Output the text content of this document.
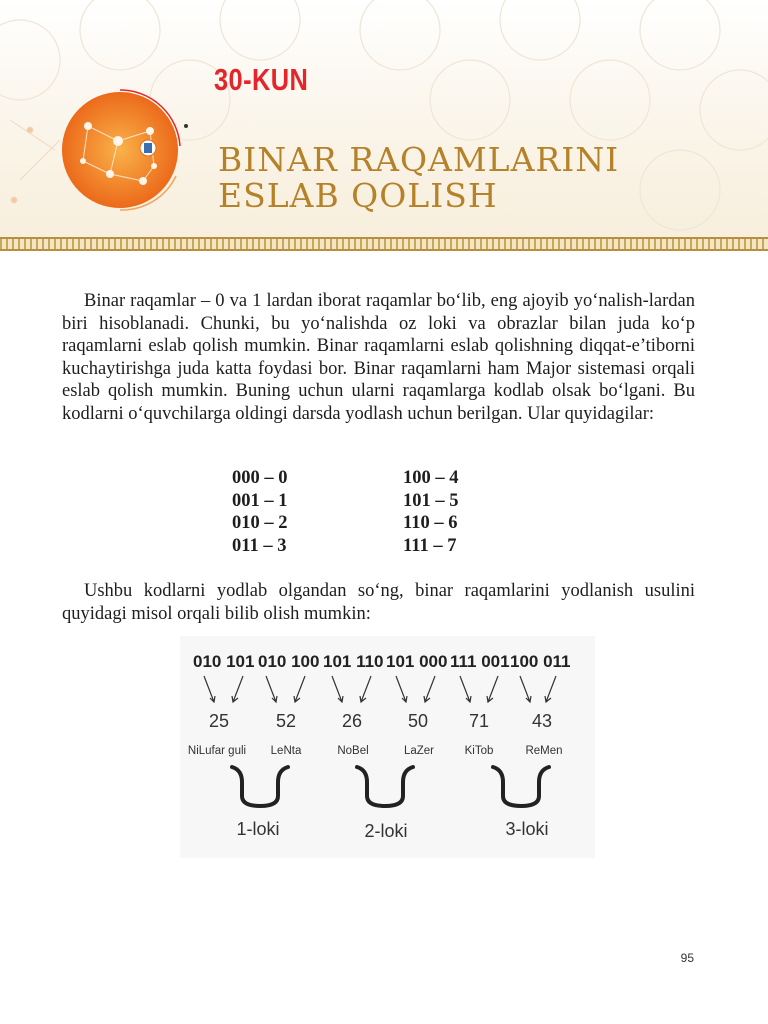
30-KUN
BINAR RAQAMLARINI
ESLAB QOLISH
Binar raqamlar – 0 va 1 lardan iborat raqamlar bo‘lib, eng ajoyib yo‘nalish-lardan biri hisoblanadi. Chunki, bu yo‘nalishda oz loki va obrazlar bilan juda ko‘p raqamlarni eslab qolish mumkin. Binar raqamlarni eslab qolishning diqqat-e’tiborni kuchaytirishga juda katta foydasi bor. Binar raqamlarni ham Major sistemasi orqali eslab qolish mumkin. Buning uchun ularni raqamlarga kodlab olsak bo‘lgani. Bu kodlarni o‘quvchilarga oldingi darsda yodlash uchun berilgan. Ular quyidagilar:
000 – 0
001 – 1
010 – 2
011 – 3
100 – 4
101 – 5
110 – 6
111 – 7
Ushbu kodlarni yodlab olgandan so‘ng, binar raqamlarini yodlanish usulini quyidagi misol orqali bilib olish mumkin:
010 101 010 100 101 110 101 000 111 001 100 011
25	52	26	50 71 43
NiLufar guli LeNta	NoBel	LaZer	KiTob	ReMen
1-loki	2-loki	3-loki
95
